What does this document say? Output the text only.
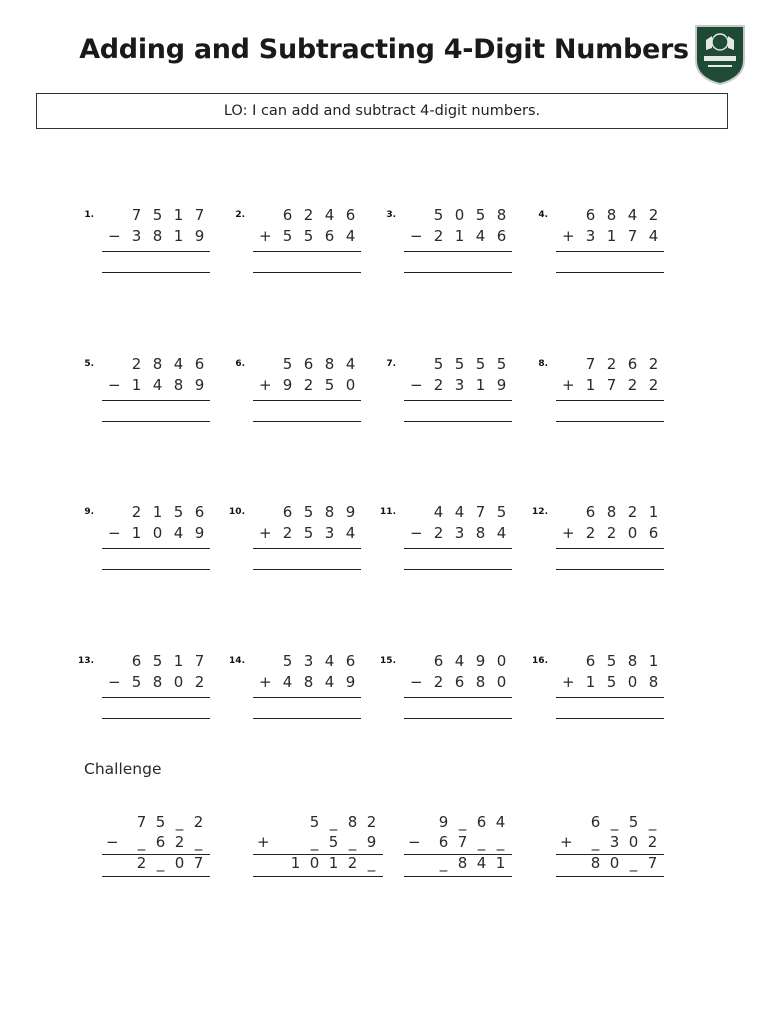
Adding and Subtracting 4-Digit Numbers
LO: I can add and subtract 4-digit numbers.
1.	7 5 1 7
− 3 8 1 9
2.	6 2 4 6
+ 5 5 6 4
3.	5 0 5 8
− 2 1 4 6
4.	6 8 4 2
+ 3 1 7 4
5.	2 8 4 6
− 1 4 8 9
6.	5 6 8 4
+ 9 2 5 0
7.	5 5 5 5
− 2 3 1 9
8.	7 2 6 2
+ 1 7 2 2
9.	2 1 5 6
− 1 0 4 9
10.	6 5 8 9
+ 2 5 3 4
11.	4 4 7 5
− 2 3 8 4
12.	6 8 2 1
+ 2 2 0 6
13.	6 5 1 7
− 5 8 0 2
14.	5 3 4 6
+ 4 8 4 9
15.	6 4 9 0
− 2 6 8 0
16.	6 5 8 1
+ 1 5 0 8
Challenge
7 5 _ 2
−	_ 6 2 _
2 _ 0 7
5 _ 8 2
+	_ 5 _ 9
1 0 1 2 _
9 _ 6 4
−	6 7 _ _
_ 8 4 1
6 _ 5 _
+	_ 3 0 2
8 0 _ 7
